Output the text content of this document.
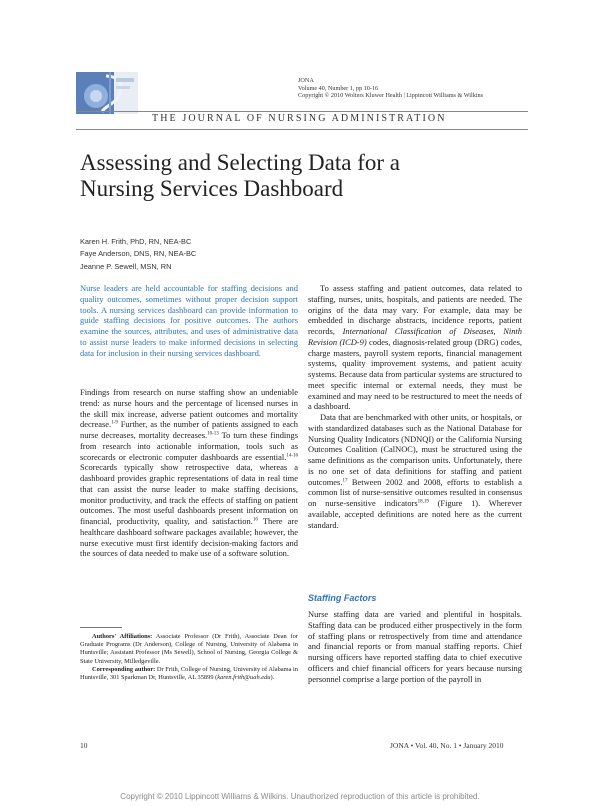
JONA
Volume 40, Number 1, pp 10-16
Copyright © 2010 Wolters Kluwer Health | Lippincott Williams & Wilkins
THE JOURNAL OF NURSING ADMINISTRATION
Assessing and Selecting Data for a
Nursing Services Dashboard
Karen H. Frith, PhD, RN, NEA-BC
Faye Anderson, DNS, RN, NEA-BC
Jeanne P. Sewell, MSN, RN

Nurse leaders are held accountable for staffing decisions and quality outcomes, sometimes without proper decision support tools. A nursing services dashboard can provide information to guide staffing decisions for positive outcomes. The authors examine the sources, attributes, and uses of administrative data to assist nurse leaders to make informed decisions in selecting data for inclusion in their nursing services dashboard.

Findings from research on nurse staffing show an undeniable trend: as nurse hours and the percentage of licensed nurses in the skill mix increase, adverse patient outcomes and mortality decrease.$^{1-9}$ Further, as the number of patients assigned to each nurse decreases, mortality decreases.$^{10-13}$ To turn these findings from research into actionable information, tools such as scorecards or electronic computer dashboards are essential.$^{14-16}$ Scorecards typically show retrospective data, whereas a dashboard provides graphic representations of data in real time that can assist the nurse leader to make staffing decisions, monitor productivity, and track the effects of staffing on patient outcomes. The most useful dashboards present information on financial, productivity, quality, and satisfaction.$^{16}$ There are healthcare dashboard software packages available; however, the nurse executive must first identify decision-making factors and the sources of data needed to make use of a software solution.

To assess staffing and patient outcomes, data related to staffing, nurses, units, hospitals, and patients are needed. The origins of the data may vary. For example, data may be embedded in discharge abstracts, incidence reports, patient records, International Classification of Diseases, Ninth Revision (ICD-9) codes, diagnosis-related group (DRG) codes, charge masters, payroll system reports, financial management systems, quality improvement systems, and patient acuity systems. Because data from particular systems are structured to meet specific internal or external needs, they must be examined and may need to be restructured to meet the needs of a dashboard.

Data that are benchmarked with other units, or hospitals, or with standardized databases such as the National Database for Nursing Quality Indicators (NDNQI) or the California Nursing Outcomes Coalition (CalNOC), must be structured using the same definitions as the comparison units. Unfortunately, there is no one set of data definitions for staffing and patient outcomes.$^{17}$ Between 2002 and 2008, efforts to establish a common list of nurse-sensitive outcomes resulted in consensus on nurse-sensitive indicators$^{18,19}$ (Figure 1). Wherever available, accepted definitions are noted here as the current standard.

Staffing Factors

Nurse staffing data are varied and plentiful in hospitals. Staffing data can be produced either prospectively in the form of staffing plans or retrospectively from time and attendance and financial reports or from manual staffing reports. Chief nursing officers have reported staffing data to chief executive officers and chief financial officers for years because nursing personnel comprise a large portion of the payroll in

Authors' Affiliations: Associate Professor (Dr Frith), Associate Dean for Graduate Programs (Dr Anderson), College of Nursing, University of Alabama in Huntsville; Assistant Professor (Ms Sewell), School of Nursing, Georgia College & State University, Milledgeville.

Corresponding author: Dr Frith, College of Nursing, University of Alabama in Huntsville, 301 Sparkman Dr, Huntsville, AL 35899 (karen.frith@uah.edu).

10	JONA • Vol. 40, No. 1 • January 2010
Copyright © 2010 Lippincott Williams & Wilkins. Unauthorized reproduction of this article is prohibited.
